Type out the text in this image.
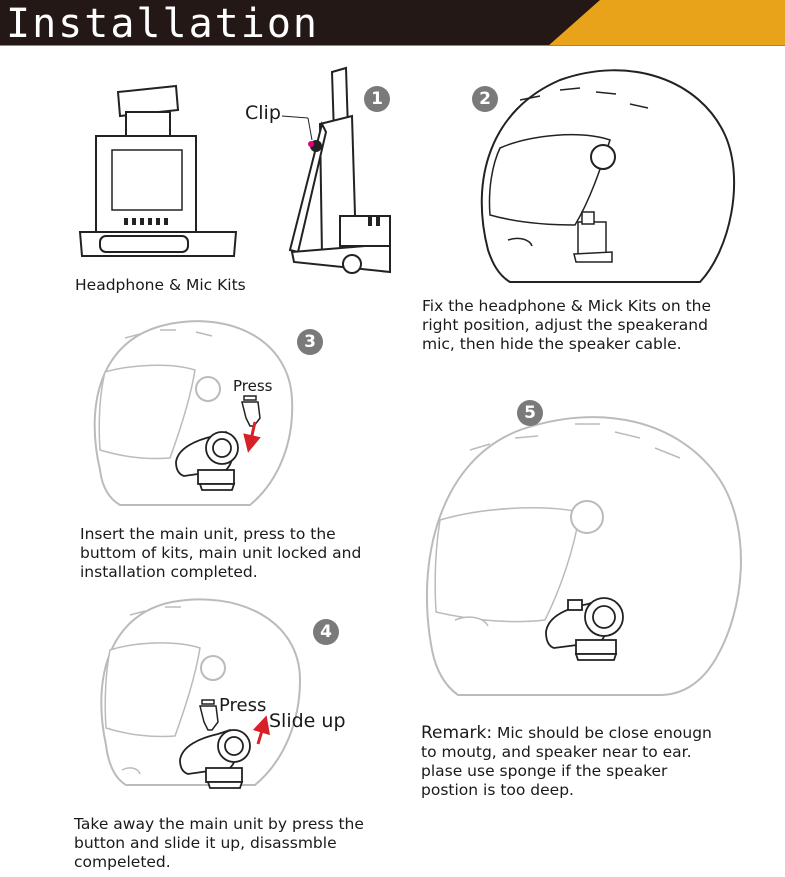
Installation
1	2
3
4
5
Clip
Press
Press
Slide up
Headphone & Mic Kits
Fix the headphone & Mick Kits on the
right position, adjust the speakerand
mic, then hide the speaker cable.
Insert the main unit, press to the
buttom of kits, main unit locked and
installation completed.
Take away the main unit by press the
button and slide it up, disassmble
compeleted.
Remark: Mic should be close enougn
to moutg, and speaker near to ear.
plase use sponge if the speaker
postion is too deep.
